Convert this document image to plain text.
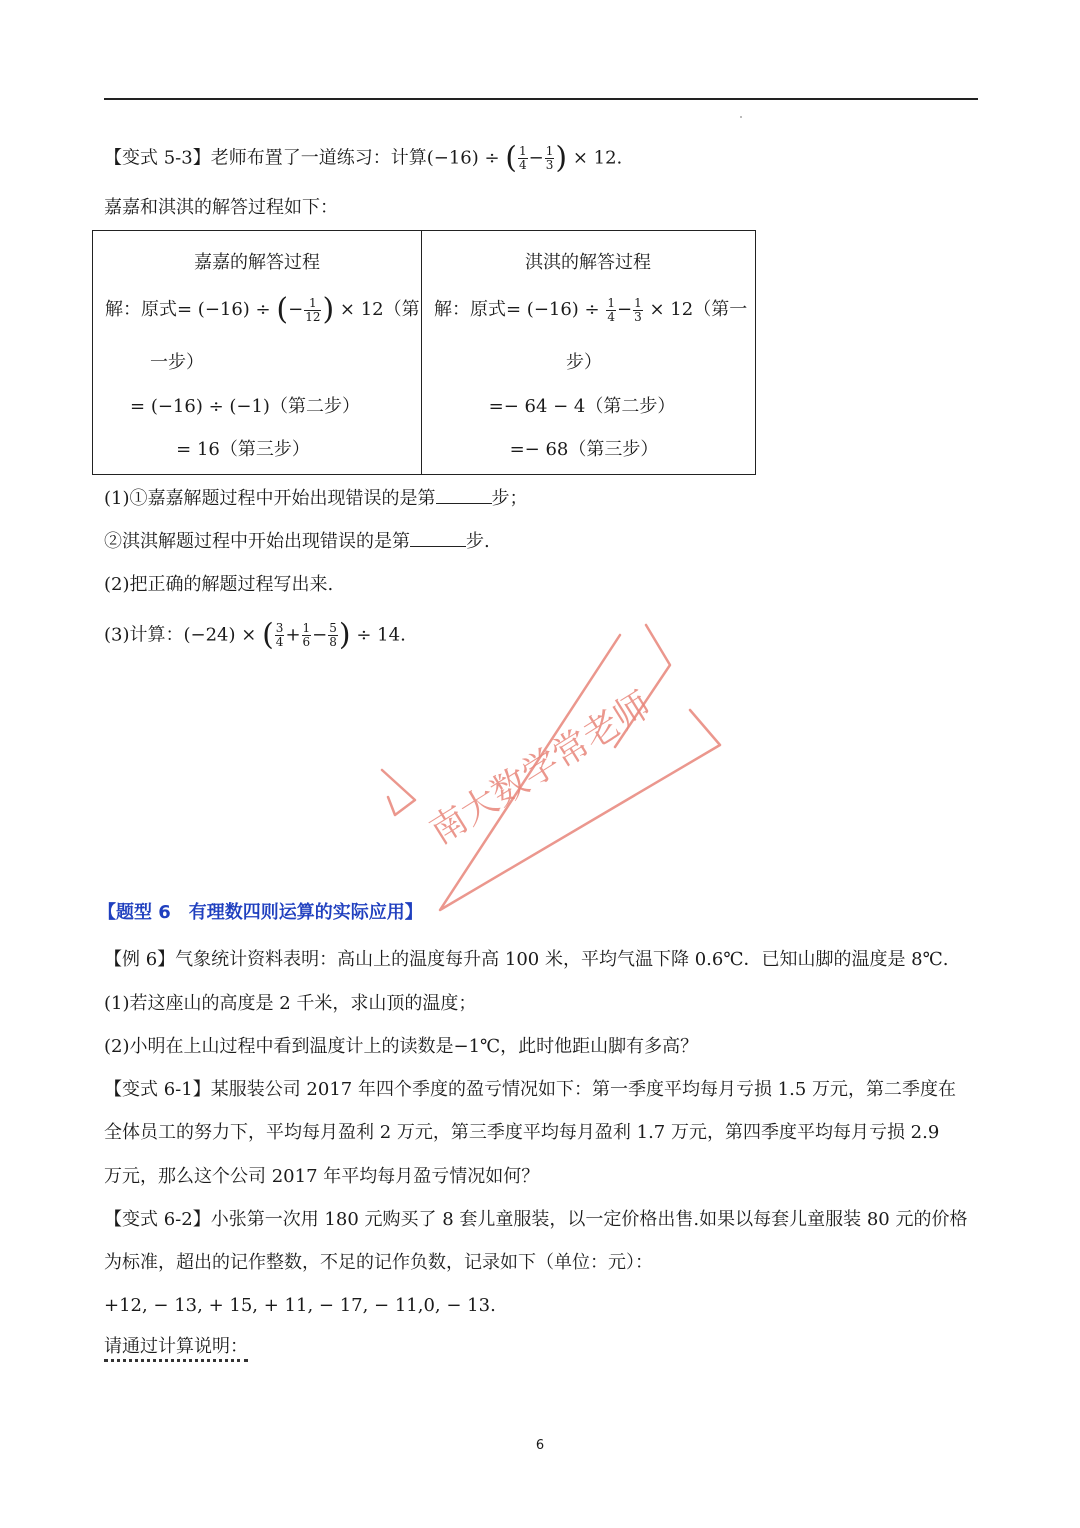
【变式 5-3】老师布置了一道练习：计算(−16) ÷ ( $\frac{1}{4} - \frac{1}{3}$ ) × 12.
嘉嘉和淇淇的解答过程如下：
嘉嘉的解答过程
解：原式= (−16) ÷ (− $\frac{1}{12}$ ) × 12（第
一步）
= (−16) ÷ (−1)（第二步）
= 16（第三步）
淇淇的解答过程
解：原式= $(-16) \div \frac{1}{4} - \frac{1}{3} \times 12$（第一
步）
=− 64 − 4（第二步）
=− 68（第三步）
(1)①嘉嘉解题过程中开始出现错误的是第	步；
②淇淇解题过程中开始出现错误的是第	步.
(2)把正确的解题过程写出来.
(3)计算：(−24) × ( $\frac{3}{4} + \frac{1}{6} - \frac{5}{8}$ ) ÷ 14.
南大数学常老师
【题型 6 有理数四则运算的实际应用】
【例 6】气象统计资料表明：高山上的温度每升高 100 米，平均气温下降 0.6℃．已知山脚的温度是 8℃.
(1)若这座山的高度是 2 千米，求山顶的温度；
(2)小明在上山过程中看到温度计上的读数是−1℃，此时他距山脚有多高？
【变式 6-1】某服装公司 2017 年四个季度的盈亏情况如下：第一季度平均每月亏损 1.5 万元，第二季度在
全体员工的努力下，平均每月盈利 2 万元，第三季度平均每月盈利 1.7 万元，第四季度平均每月亏损 2.9
万元，那么这个公司 2017 年平均每月盈亏情况如何？
【变式 6-2】小张第一次用 180 元购买了 8 套儿童服装，以一定价格出售.如果以每套儿童服装 80 元的价格
为标准，超出的记作整数，不足的记作负数，记录如下（单位：元）：
+12, − 13, + 15, + 11, − 17, − 11,0, − 13.
请通过计算说明：
6
